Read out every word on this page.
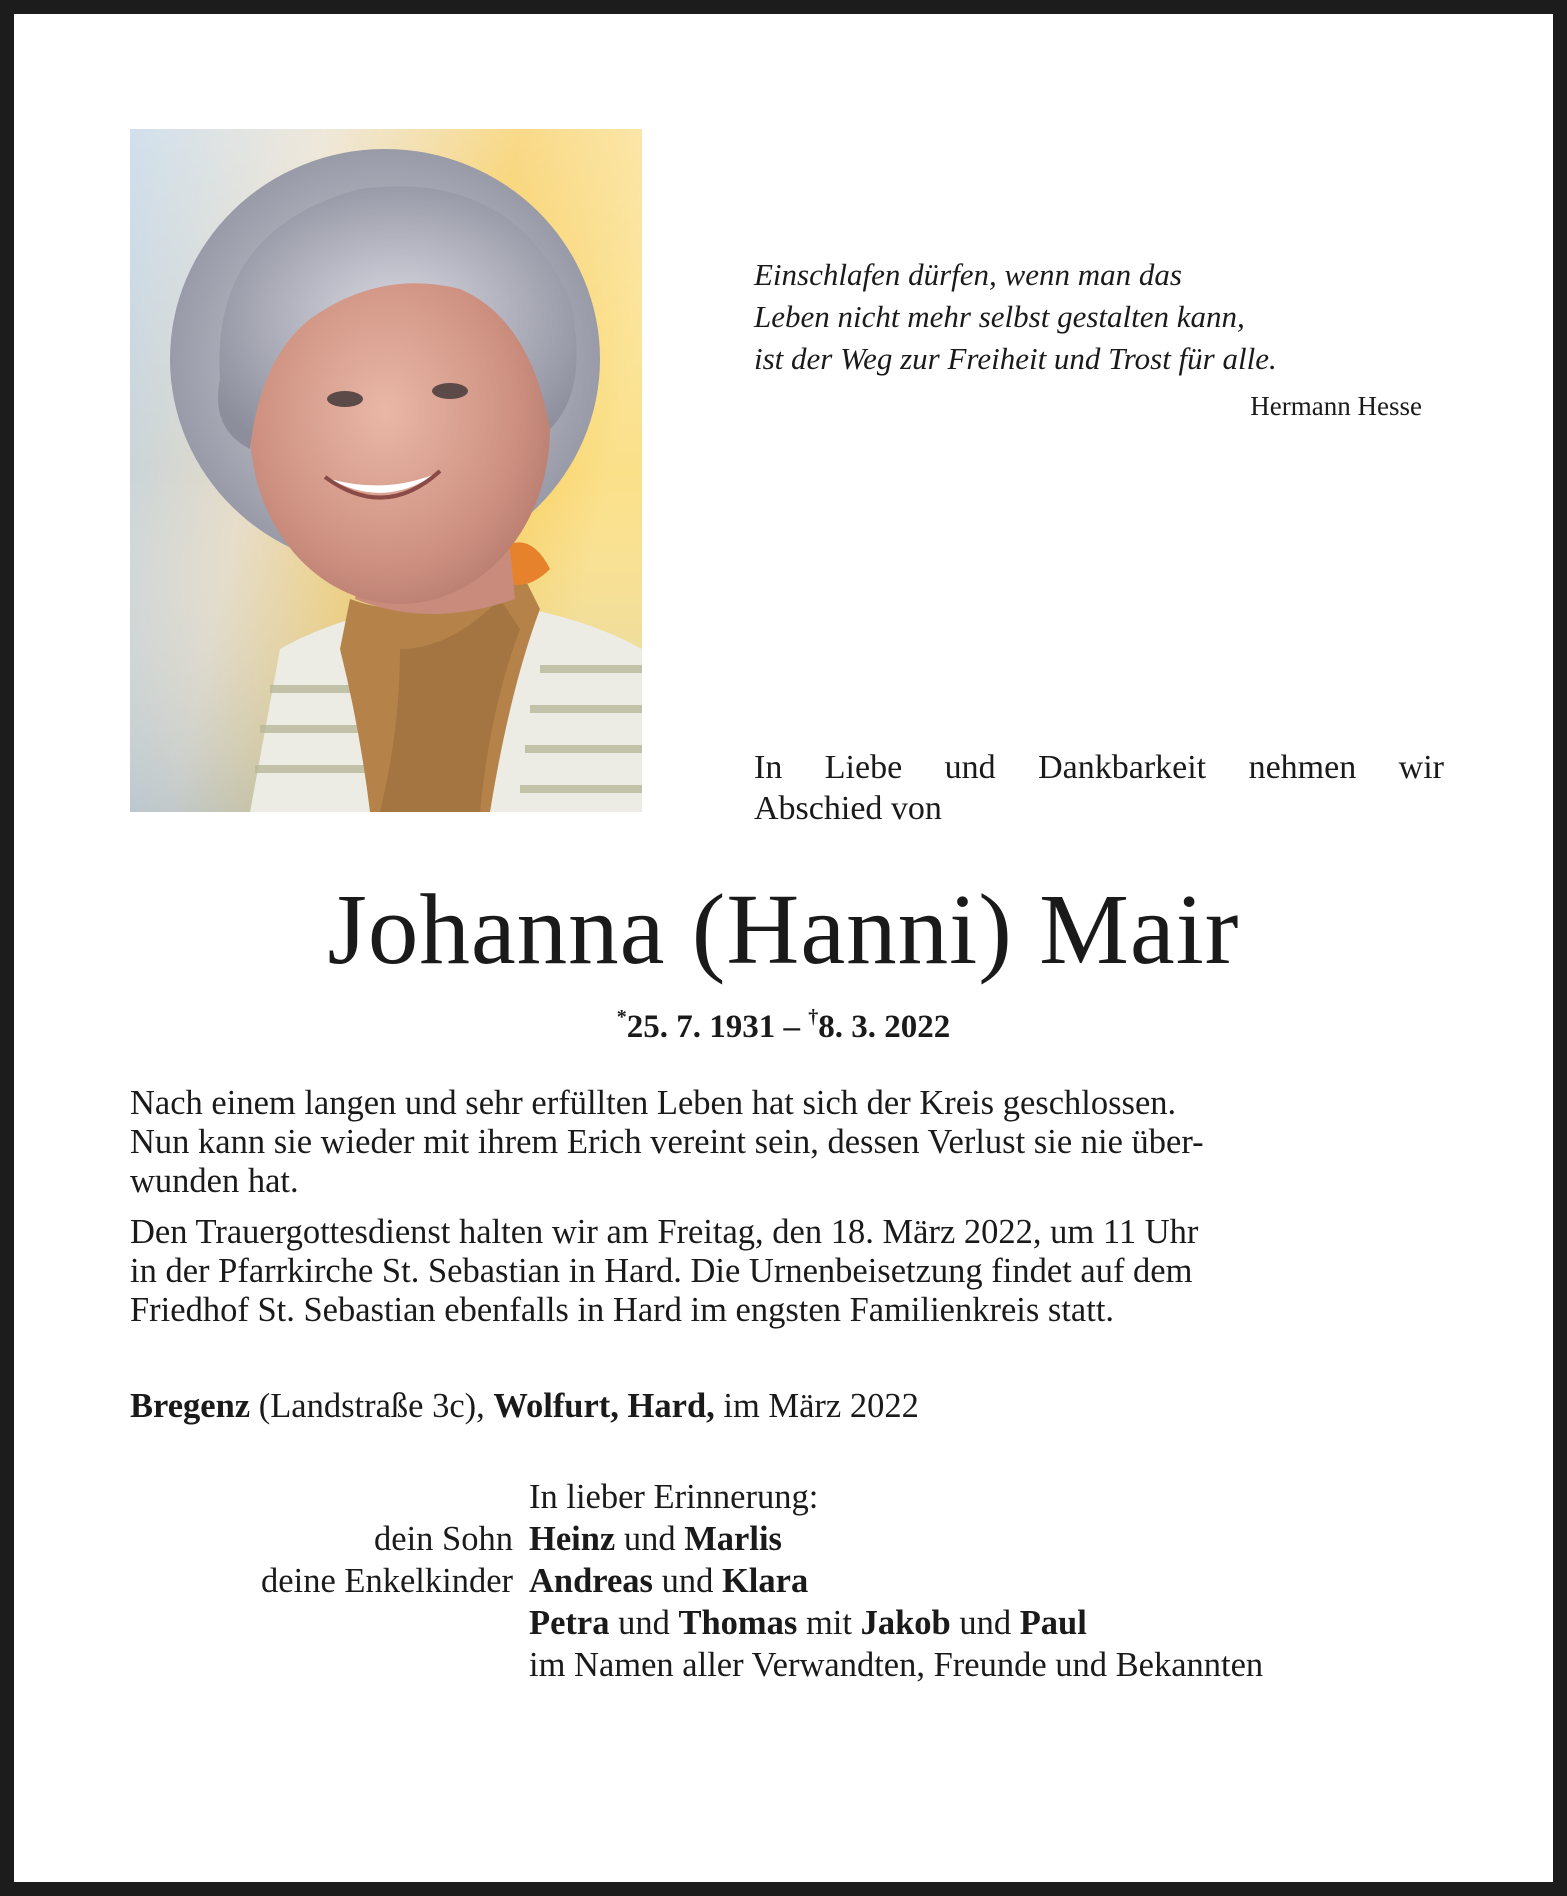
Einschlafen dürfen, wenn man das
Leben nicht mehr selbst gestalten kann,
ist der Weg zur Freiheit und Trost für alle.
Hermann Hesse
In Liebe und Dankbarkeit nehmen wir
Abschied von
Johanna (Hanni) Mair
*25. 7. 1931 – †8. 3. 2022

Nach einem langen und sehr erfüllten Leben hat sich der Kreis geschlossen.
Nun kann sie wieder mit ihrem Erich vereint sein, dessen Verlust sie nie über-
wunden hat.

Den Trauergottesdienst halten wir am Freitag, den 18. März 2022, um 11 Uhr
in der Pfarrkirche St. Sebastian in Hard. Die Urnenbeisetzung findet auf dem
Friedhof St. Sebastian ebenfalls in Hard im engsten Familienkreis statt.

Bregenz (Landstraße 3c), Wolfurt, Hard, im März 2022
In lieber Erinnerung:
dein Sohn Heinz und Marlis
deine Enkelkinder Andreas und Klara
Petra und Thomas mit Jakob und Paul
im Namen aller Verwandten, Freunde und Bekannten
